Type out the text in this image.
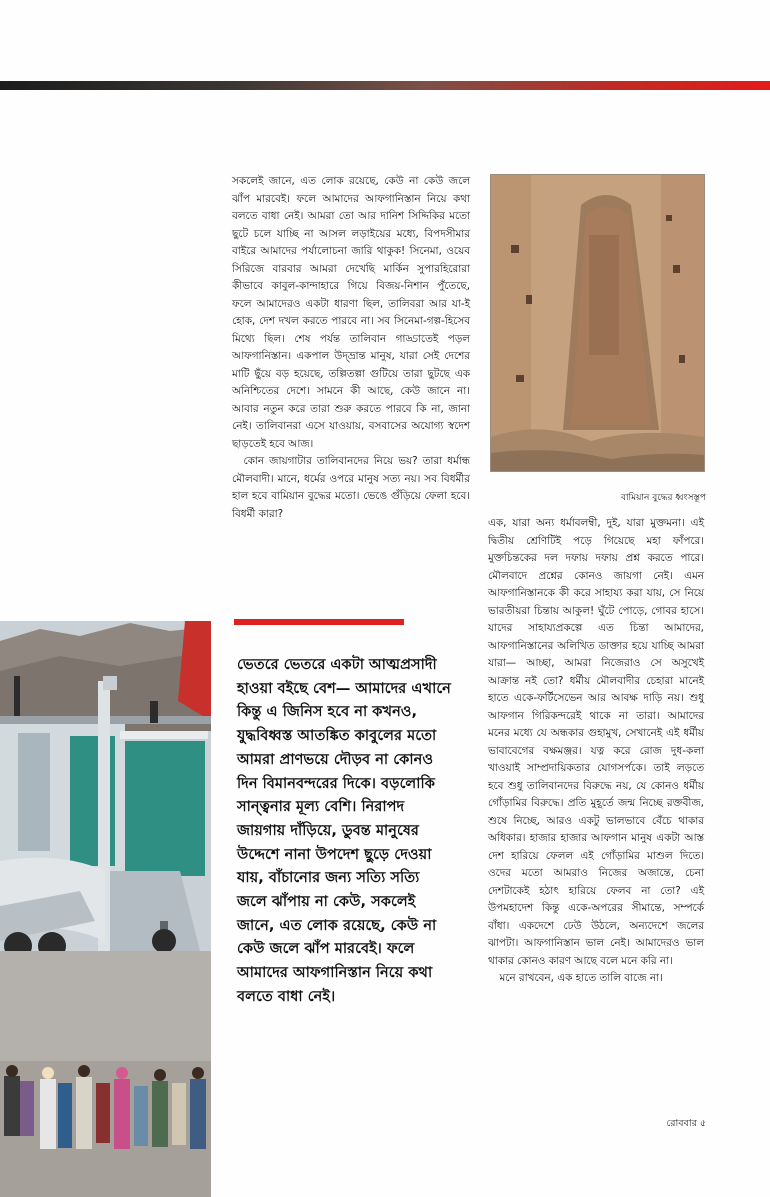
সকলেই জানে, এত লোক রয়েছে, কেউ না কেউ জলে ঝাঁপ মারবেই। ফলে আমাদের আফগানিস্তান নিয়ে কথা বলতে বাধা নেই। আমরা তো আর দানিশ সিদ্দিকির মতো ছুটে চলে যাচ্ছি না আসল লড়াইয়ের মধ্যে, বিপদসীমার বাইরে আমাদের পর্যালোচনা জারি থাকুক! সিনেমা, ওয়েব সিরিজে বারবার আমরা দেখেছি মার্কিন সুপারহিরোরা কীভাবে কাবুল-কান্দাহারে গিয়ে বিজয়-নিশান পুঁতেছে, ফলে আমাদেরও একটা ধারণা ছিল, তালিবরা আর যা-ই হোক, দেশ দখল করতে পারবে না। সব সিনেমা-গল্প-হিসেব মিথ্যে ছিল। শেষ পর্যন্ত তালিবান গাড্ডাতেই পড়ল আফগানিস্তান। একপাল উদ্‌ভ্রান্ত মানুষ, যারা সেই দেশের মাটি ছুঁয়ে বড় হয়েছে, তল্পিতল্পা গুটিয়ে তারা ছুটছে এক অনিশ্চিতের দেশে। সামনে কী আছে, কেউ জানে না। আবার নতুন করে তারা শুরু করতে পারবে কি না, জানা নেই। তালিবানরা এসে যাওয়ায়, বসবাসের অযোগ্য স্বদেশ ছাড়তেই হবে আজ।

কোন জায়গাটার তালিবানদের নিয়ে ভয়? তারা ধর্মান্ধ মৌলবাদী। মানে, ধর্মের ওপরে মানুষ সত্য নয়। সব বিধর্মীর হাল হবে বামিয়ান বুদ্ধের মতো। ভেঙে গুঁড়িয়ে ফেলা হবে। বিধর্মী কারা?

বামিয়ান বুদ্ধের ধ্বংসস্তূপ

এক, যারা অন্য ধর্মাবলম্বী, দুই, যারা মুক্তমনা। এই দ্বিতীয় শ্রেণিটিই পড়ে গিয়েছে মহা ফাঁপরে। মুক্তচিন্তকের দল দফায় দফায় প্রশ্ন করতে পারে। মৌলবাদে প্রশ্নের কোনও জায়গা নেই। এমন আফগানিস্তানকে কী করে সাহায্য করা যায়, সে নিয়ে ভারতীয়রা চিন্তায় আকুল! ঘুঁটে পোড়ে, গোবর হাসে। যাদের সাহায্যপ্রকল্পে এত চিন্তা আমাদের, আফগানিস্তানের অলিখিত ডাক্তার হয়ে যাচ্ছি আমরা যারা— আচ্ছা, আমরা নিজেরাও সে অসুখেই আক্রান্ত নই তো? ধর্মীয় মৌলবাদীর চেহারা মানেই হাতে একে-ফর্টিসেভেন আর আবক্ষ দাড়ি নয়। শুধু আফগান গিরিকন্দরেই থাকে না তারা। আমাদের মনের মধ্যে যে অন্ধকার গুহামুখ, সেখানেই এই ধর্মীয় ভাবাবেগের বক্ষমঞ্জর। যত্ন করে রোজ দুধ-কলা খাওয়াই সাম্প্রদায়িকতার যোগসর্পকে। তাই লড়তে হবে শুধু তালিবানদের বিরুদ্ধে নয়, যে কোনও ধর্মীয় গোঁড়ামির বিরুদ্ধে। প্রতি মুহূর্তে জন্ম নিচ্ছে রক্তবীজ, শুষে নিচ্ছে, আরও একটু ভালভাবে বেঁচে থাকার অধিকার। হাজার হাজার আফগান মানুষ একটা আস্ত দেশ হারিয়ে ফেলল এই গোঁড়ামির মাশুল দিতে। ওদের মতো আমরাও নিজের অজান্তে, চেনা দেশটাকেই হঠাৎ হারিয়ে ফেলব না তো? এই উপমহাদেশ কিন্তু একে-অপরের সীমান্তে, সম্পর্কে বাঁধা। একদেশে ঢেউ উঠলে, অন্যদেশে জলের ঝাপটা। আফগানিস্তান ভাল নেই। আমাদেরও ভাল থাকার কোনও কারণ আছে বলে মনে করি না।

মনে রাখবেন, এক হাতে তালি বাজে না।

ভেতরে ভেতরে একটা আত্মপ্রসাদী হাওয়া বইছে বেশ— আমাদের এখানে কিন্তু এ জিনিস হবে না কখনও, যুদ্ধবিধ্বস্ত আতঙ্কিত কাবুলের মতো আমরা প্রাণভয়ে দৌড়ব না কোনও দিন বিমানবন্দরের দিকে। বড়লোকি সান্ত্বনার মূল্য বেশি। নিরাপদ জায়গায় দাঁড়িয়ে, ডুবন্ত মানুষের উদ্দেশে নানা উপদেশ ছুড়ে দেওয়া যায়, বাঁচানোর জন্য সত্যি সত্যি জলে ঝাঁপায় না কেউ, সকলেই জানে, এত লোক রয়েছে, কেউ না কেউ জলে ঝাঁপ মারবেই। ফলে আমাদের আফগানিস্তান নিয়ে কথা বলতে বাধা নেই।

রোববার ৫
